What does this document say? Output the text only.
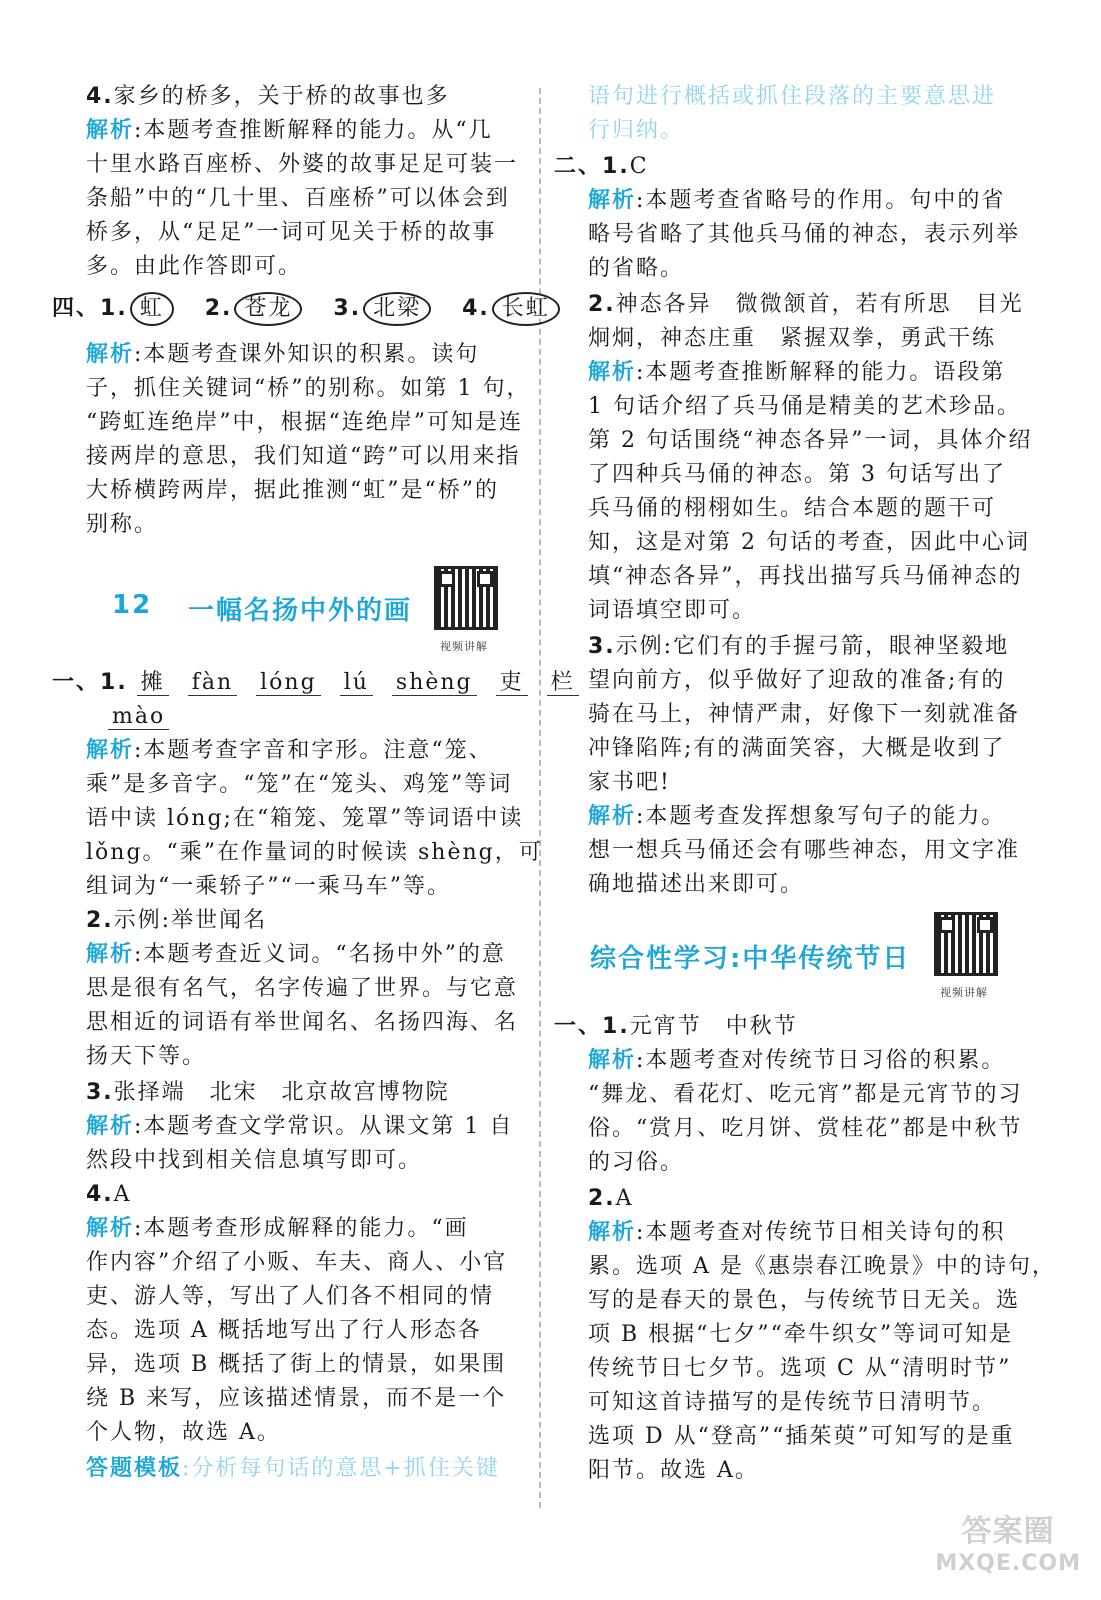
4.家乡的桥多，关于桥的故事也多
解析:本题考查推断解释的能力。从“几
十里水路百座桥、外婆的故事足足可装一
条船”中的“几十里、百座桥”可以体会到
桥多，从“足足”一词可见关于桥的故事
多。由此作答即可。
四、1. 虹 2. 苍龙 3. 北梁 4. 长虹
解析:本题考查课外知识的积累。读句
子，抓住关键词“桥”的别称。如第 1 句，
“跨虹连绝岸”中，根据“连绝岸”可知是连
接两岸的意思，我们知道“跨”可以用来指
大桥横跨两岸，据此推测“虹”是“桥”的
别称。
12 一幅名扬中外的画
视频讲解
一、1. 摊 fàn lóng lú shèng 吏 栏
mào
解析:本题考查字音和字形。注意“笼、
乘”是多音字。“笼”在“笼头、鸡笼”等词
语中读 lóng;在“箱笼、笼罩”等词语中读
lǒng。“乘”在作量词的时候读 shèng，可
组词为“一乘轿子”“一乘马车”等。
2.示例:举世闻名
解析:本题考查近义词。“名扬中外”的意
思是很有名气，名字传遍了世界。与它意
思相近的词语有举世闻名、名扬四海、名
扬天下等。
3.张择端　北宋　北京故宫博物院
解析:本题考查文学常识。从课文第 1 自
然段中找到相关信息填写即可。
4.A
解析:本题考查形成解释的能力。“画
作内容”介绍了小贩、车夫、商人、小官
吏、游人等，写出了人们各不相同的情
态。选项 A 概括地写出了行人形态各
异，选项 B 概括了街上的情景，如果围
绕 B 来写，应该描述情景，而不是一个
个人物，故选 A。
答题模板:分析每句话的意思+抓住关键
语句进行概括或抓住段落的主要意思进
行归纳。
二、1.C
解析:本题考查省略号的作用。句中的省
略号省略了其他兵马俑的神态，表示列举
的省略。
2.神态各异　微微颔首，若有所思　目光
炯炯，神态庄重　紧握双拳，勇武干练
解析:本题考查推断解释的能力。语段第
1 句话介绍了兵马俑是精美的艺术珍品。
第 2 句话围绕“神态各异”一词，具体介绍
了四种兵马俑的神态。第 3 句话写出了
兵马俑的栩栩如生。结合本题的题干可
知，这是对第 2 句话的考查，因此中心词
填“神态各异”，再找出描写兵马俑神态的
词语填空即可。
3.示例:它们有的手握弓箭，眼神坚毅地
望向前方，似乎做好了迎敌的准备;有的
骑在马上，神情严肃，好像下一刻就准备
冲锋陷阵;有的满面笑容，大概是收到了
家书吧!
解析:本题考查发挥想象写句子的能力。
想一想兵马俑还会有哪些神态，用文字准
确地描述出来即可。
综合性学习:中华传统节日
视频讲解
一、1.元宵节　中秋节
解析:本题考查对传统节日习俗的积累。
“舞龙、看花灯、吃元宵”都是元宵节的习
俗。“赏月、吃月饼、赏桂花”都是中秋节
的习俗。
2.A
解析:本题考查对传统节日相关诗句的积
累。选项 A 是《惠崇春江晚景》中的诗句，
写的是春天的景色，与传统节日无关。选
项 B 根据“七夕”“牵牛织女”等词可知是
传统节日七夕节。选项 C 从“清明时节”
可知这首诗描写的是传统节日清明节。
选项 D 从“登高”“插茱萸”可知写的是重
阳节。故选 A。
答案圈
MXQE.COM
